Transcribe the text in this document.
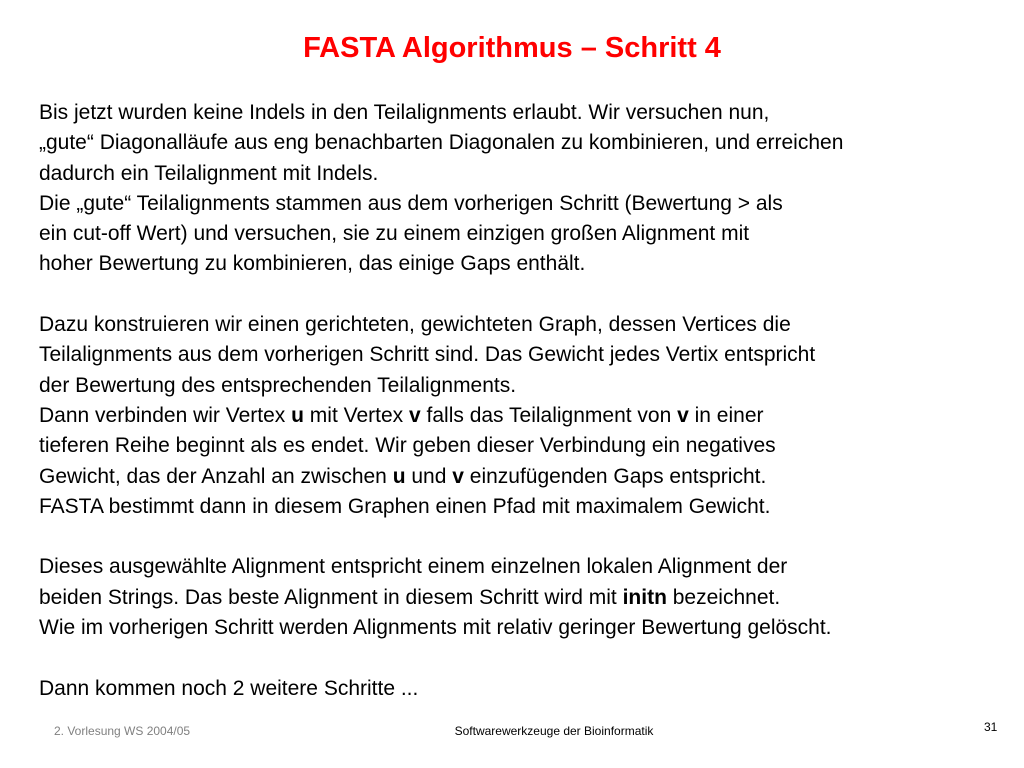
FASTA Algorithmus – Schritt 4
Bis jetzt wurden keine Indels in den Teilalignments erlaubt. Wir versuchen nun,
„gute“ Diagonalläufe aus eng benachbarten Diagonalen zu kombinieren, und erreichen
dadurch ein Teilalignment mit Indels.
Die „gute“ Teilalignments stammen aus dem vorherigen Schritt (Bewertung > als
ein cut-off Wert) und versuchen, sie zu einem einzigen großen Alignment mit
hoher Bewertung zu kombinieren, das einige Gaps enthält.
Dazu konstruieren wir einen gerichteten, gewichteten Graph, dessen Vertices die
Teilalignments aus dem vorherigen Schritt sind. Das Gewicht jedes Vertix entspricht
der Bewertung des entsprechenden Teilalignments.
Dann verbinden wir Vertex u mit Vertex v falls das Teilalignment von v in einer
tieferen Reihe beginnt als es endet. Wir geben dieser Verbindung ein negatives
Gewicht, das der Anzahl an zwischen u und v einzufügenden Gaps entspricht.
FASTA bestimmt dann in diesem Graphen einen Pfad mit maximalem Gewicht.
Dieses ausgewählte Alignment entspricht einem einzelnen lokalen Alignment der
beiden Strings. Das beste Alignment in diesem Schritt wird mit initn bezeichnet.
Wie im vorherigen Schritt werden Alignments mit relativ geringer Bewertung gelöscht.
Dann kommen noch 2 weitere Schritte ...
2. Vorlesung WS 2004/05	Softwarewerkzeuge der Bioinformatik	31
